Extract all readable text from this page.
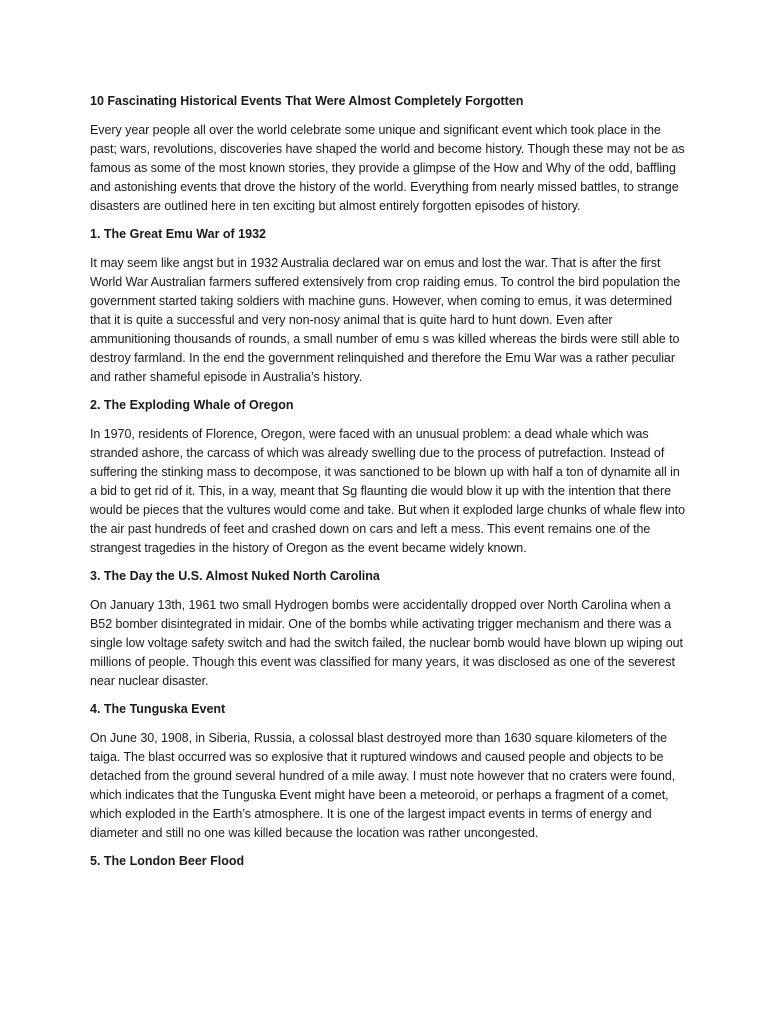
10 Fascinating Historical Events That Were Almost Completely Forgotten

Every year people all over the world celebrate some unique and significant event which took place in the past; wars, revolutions, discoveries have shaped the world and become history. Though these may not be as famous as some of the most known stories, they provide a glimpse of the How and Why of the odd, baffling and astonishing events that drove the history of the world. Everything from nearly missed battles, to strange disasters are outlined here in ten exciting but almost entirely forgotten episodes of history.

1. The Great Emu War of 1932

It may seem like angst but in 1932 Australia declared war on emus and lost the war. That is after the first World War Australian farmers suffered extensively from crop raiding emus. To control the bird population the government started taking soldiers with machine guns. However, when coming to emus, it was determined that it is quite a successful and very non-nosy animal that is quite hard to hunt down. Even after ammunitioning thousands of rounds, a small number of emu s was killed whereas the birds were still able to destroy farmland. In the end the government relinquished and therefore the Emu War was a rather peculiar and rather shameful episode in Australia’s history.

2. The Exploding Whale of Oregon

In 1970, residents of Florence, Oregon, were faced with an unusual problem: a dead whale which was stranded ashore, the carcass of which was already swelling due to the process of putrefaction. Instead of suffering the stinking mass to decompose, it was sanctioned to be blown up with half a ton of dynamite all in a bid to get rid of it. This, in a way, meant that Sg flaunting die would blow it up with the intention that there would be pieces that the vultures would come and take. But when it exploded large chunks of whale flew into the air past hundreds of feet and crashed down on cars and left a mess. This event remains one of the strangest tragedies in the history of Oregon as the event became widely known.

3. The Day the U.S. Almost Nuked North Carolina

On January 13th, 1961 two small Hydrogen bombs were accidentally dropped over North Carolina when a B52 bomber disintegrated in midair. One of the bombs while activating trigger mechanism and there was a single low voltage safety switch and had the switch failed, the nuclear bomb would have blown up wiping out millions of people. Though this event was classified for many years, it was disclosed as one of the severest near nuclear disaster.

4. The Tunguska Event

On June 30, 1908, in Siberia, Russia, a colossal blast destroyed more than 1630 square kilometers of the taiga. The blast occurred was so explosive that it ruptured windows and caused people and objects to be detached from the ground several hundred of a mile away. I must note however that no craters were found, which indicates that the Tunguska Event might have been a meteoroid, or perhaps a fragment of a comet, which exploded in the Earth’s atmosphere. It is one of the largest impact events in terms of energy and diameter and still no one was killed because the location was rather uncongested.

5. The London Beer Flood
